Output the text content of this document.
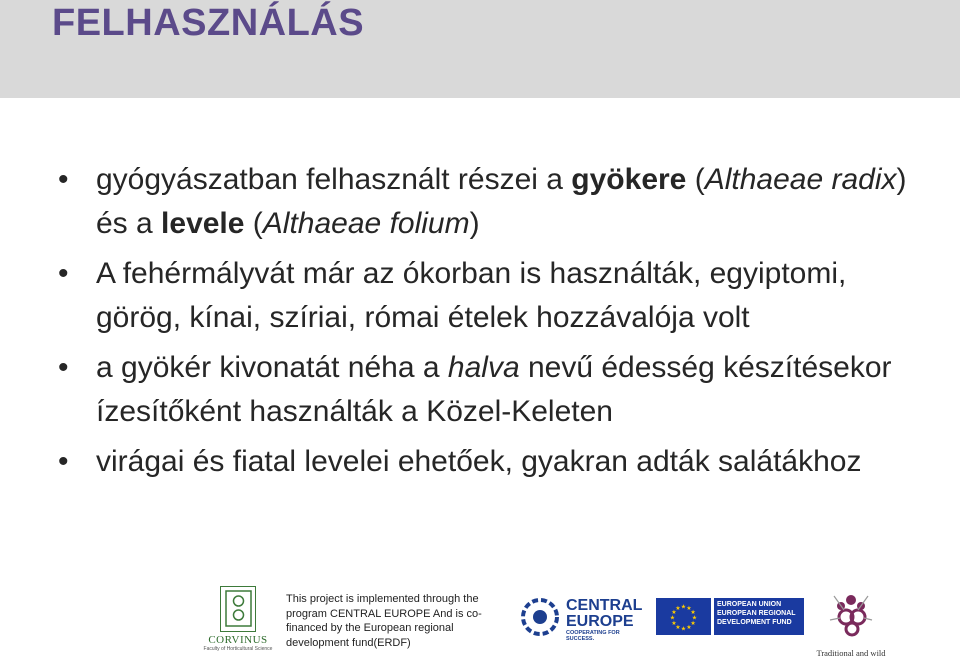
FELHASZNÁLÁS
• gyógyászatban felhasznált részei a gyökere (Althaeae radix) és a levele (Althaeae folium)
• A fehérmályvát már az ókorban is használták, egyiptomi, görög, kínai, szíriai, római ételek hozzávalója volt
• a gyökér kivonatát néha a halva nevű édesség készítésekor ízesítőként használták a Közel-Keleten
• virágai és fiatal levelei ehetőek, gyakran adták salátákhoz
CORVINUS
Faculty of Horticultural Science
This project is implemented through the program CENTRAL EUROPE And is co-financed by the European regional development fund(ERDF)
CENTRAL
EUROPE
COOPERATING FOR SUCCESS.
★
★
★
★
★
★
★
★
★ ★ ★
★
EUROPEAN UNION
EUROPEAN REGIONAL
DEVELOPMENT FUND
Traditional and wild
